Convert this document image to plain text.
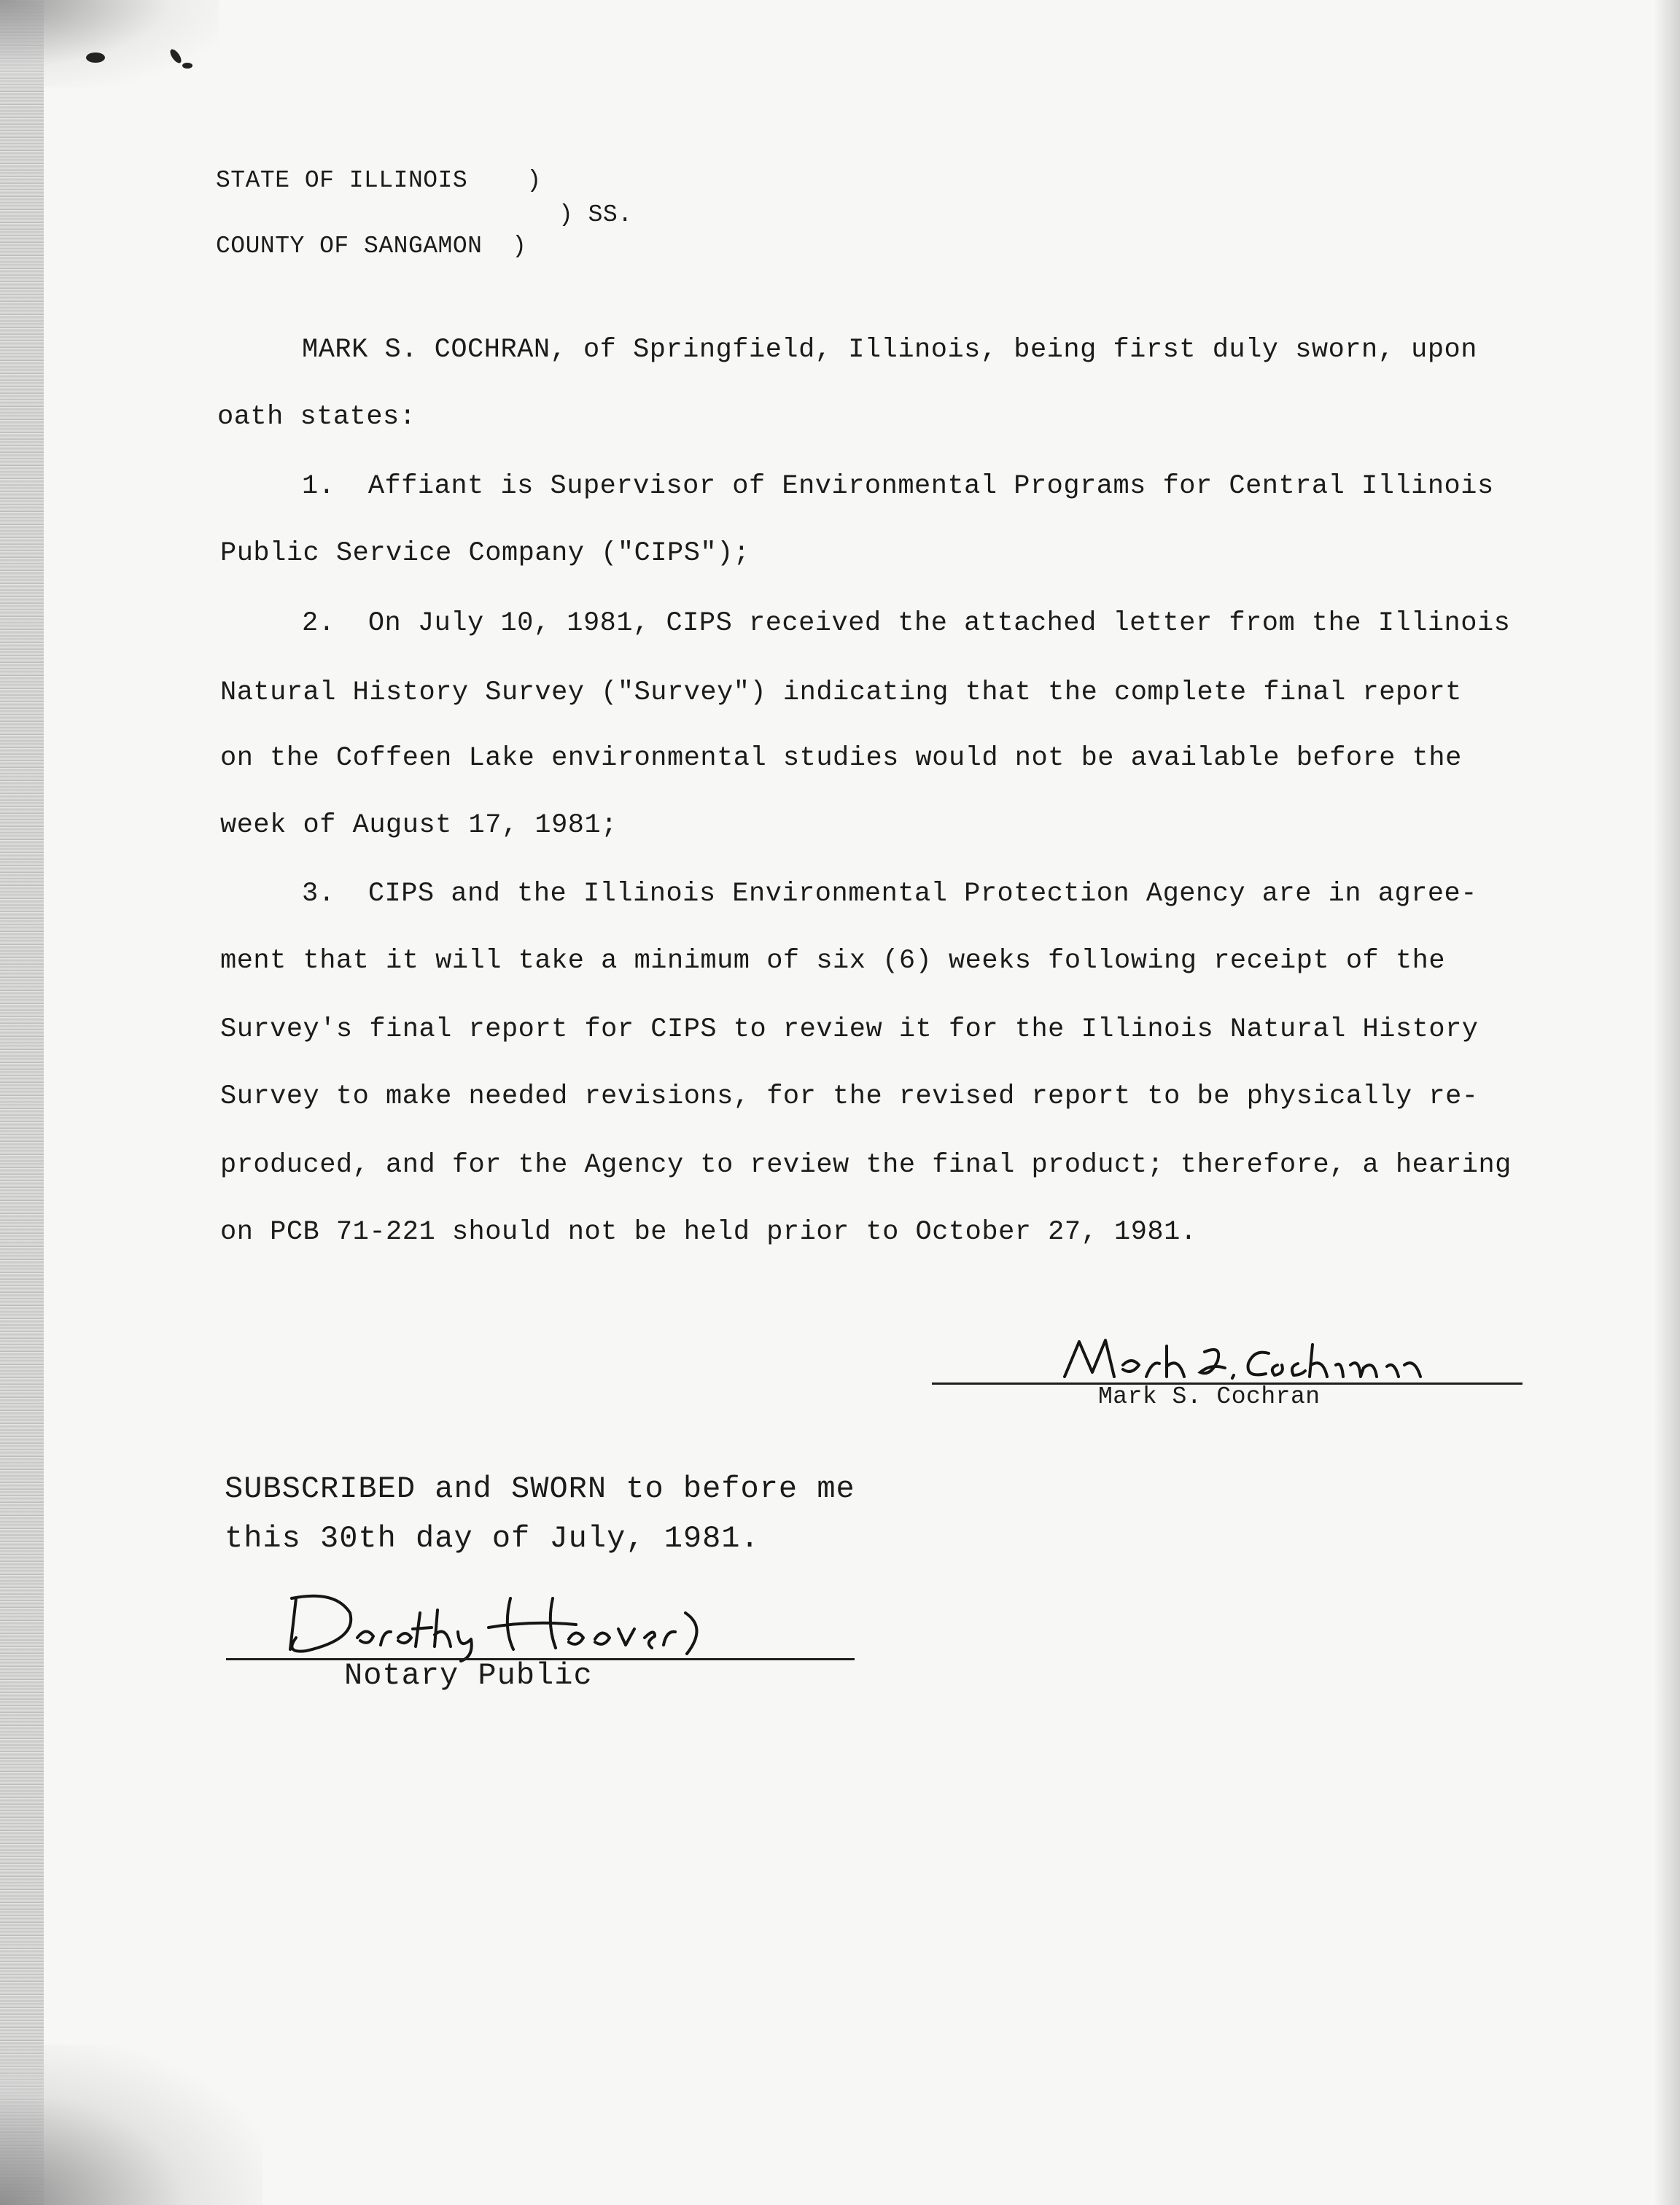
STATE OF ILLINOIS    )
) SS.
COUNTY OF SANGAMON  )
MARK S. COCHRAN, of Springfield, Illinois, being first duly sworn, upon
oath states:
1.  Affiant is Supervisor of Environmental Programs for Central Illinois
Public Service Company ("CIPS");
2.  On July 10, 1981, CIPS received the attached letter from the Illinois
Natural History Survey ("Survey") indicating that the complete final report
on the Coffeen Lake environmental studies would not be available before the
week of August 17, 1981;
3.  CIPS and the Illinois Environmental Protection Agency are in agree-
ment that it will take a minimum of six (6) weeks following receipt of the
Survey's final report for CIPS to review it for the Illinois Natural History
Survey to make needed revisions, for the revised report to be physically re-
produced, and for the Agency to review the final product; therefore, a hearing
on PCB 71-221 should not be held prior to October 27, 1981.
Mark S. Cochran
SUBSCRIBED and SWORN to before me
this 30th day of July, 1981.
Notary Public
